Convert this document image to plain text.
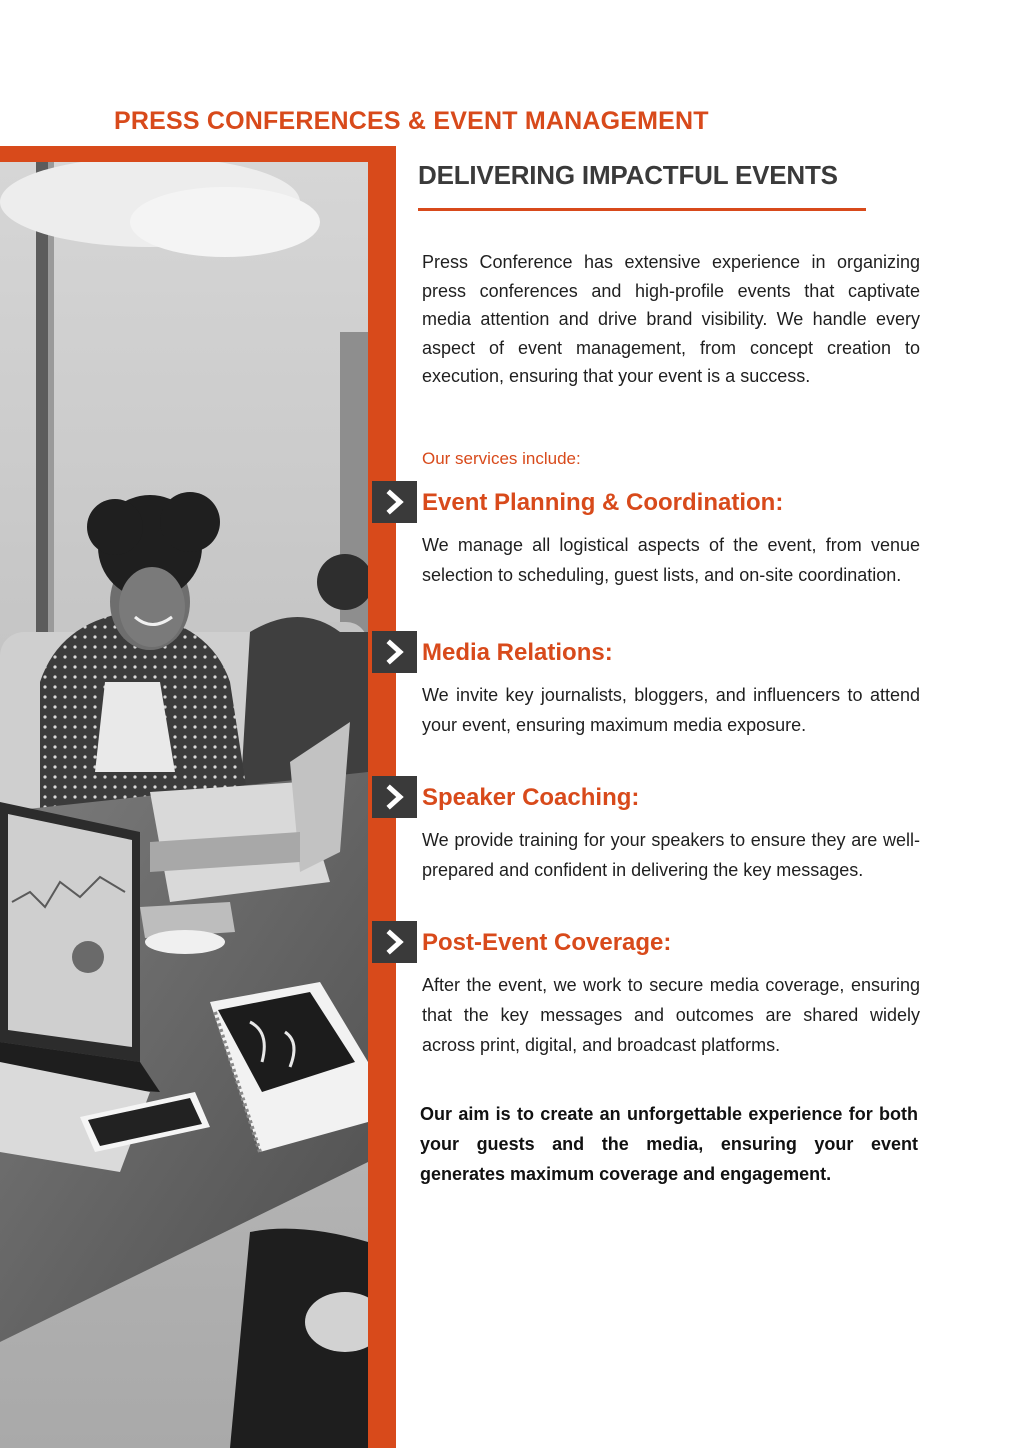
PRESS CONFERENCES & EVENT MANAGEMENT
DELIVERING IMPACTFUL EVENTS

Press Conference has extensive experience in organizing press conferences and high-profile events that captivate media attention and drive brand visibility. We handle every aspect of event management, from concept creation to execution, ensuring that your event is a success.

Our services include:

Event Planning & Coordination:

We manage all logistical aspects of the event, from venue selection to scheduling, guest lists, and on-site coordination.

Media Relations:

We invite key journalists, bloggers, and influencers to attend your event, ensuring maximum media exposure.

Speaker Coaching:

We provide training for your speakers to ensure they are well-prepared and confident in delivering the key messages.

Post-Event Coverage:

After the event, we work to secure media coverage, ensuring that the key messages and outcomes are shared widely across print, digital, and broadcast platforms.

Our aim is to create an unforgettable experience for both your guests and the media, ensuring your event generates maximum coverage and engagement.
